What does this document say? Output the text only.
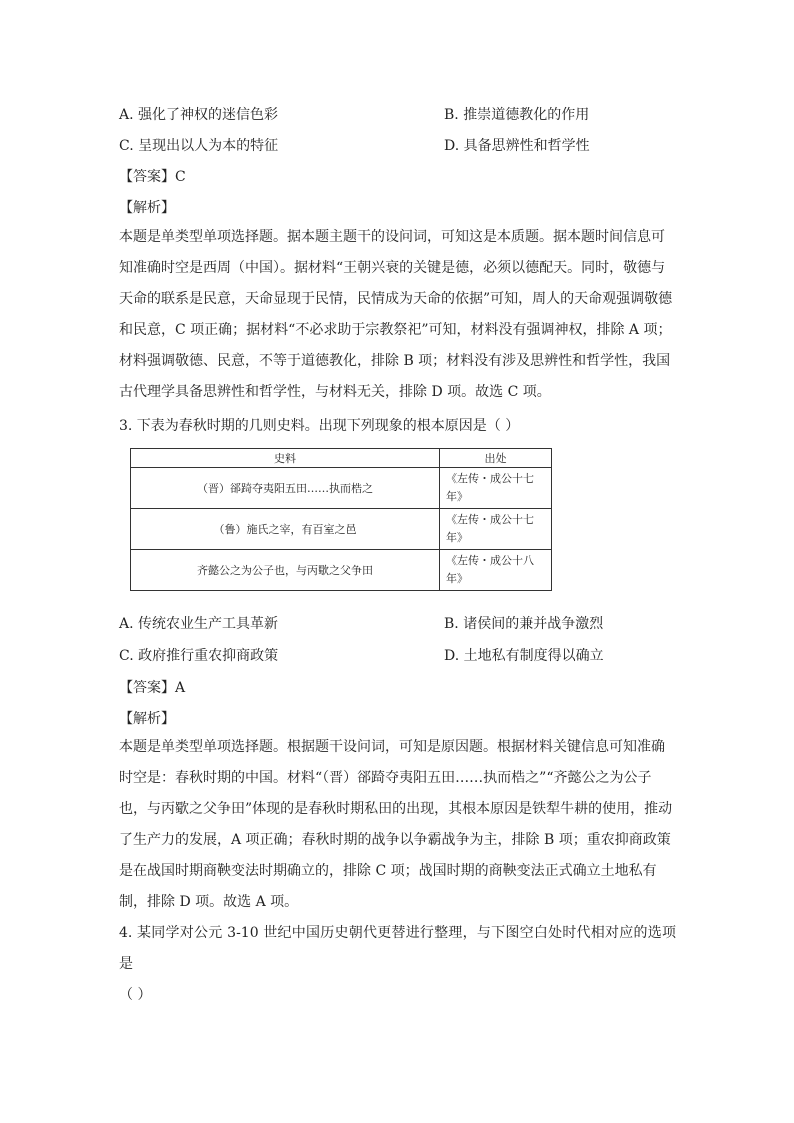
A. 强化了神权的迷信色彩	B. 推崇道德教化的作用
C. 呈现出以人为本的特征	D. 具备思辨性和哲学性
【答案】C
【解析】

本题是单类型单项选择题。据本题主题干的设问词，可知这是本质题。据本题时间信息可

知准确时空是西周（中国）。据材料“王朝兴衰的关键是德，必须以德配天。同时，敬德与

天命的联系是民意，天命显现于民情，民情成为天命的依据”可知，周人的天命观强调敬德

和民意，C 项正确；据材料“不必求助于宗教祭祀”可知，材料没有强调神权，排除 A 项；

材料强调敬德、民意，不等于道德教化，排除 B 项；材料没有涉及思辨性和哲学性，我国

古代理学具备思辨性和哲学性，与材料无关，排除 D 项。故选 C 项。

3. 下表为春秋时期的几则史料。出现下列现象的根本原因是（ ）
史料	出处
（晋）郤踦夺夷阳五田……执而梏之	《左传・成公十七年》
（鲁）施氏之宰，有百室之邑	《左传・成公十七年》
齐懿公之为公子也，与丙歜之父争田	《左传・成公十八年》
A. 传统农业生产工具革新	B. 诸侯间的兼并战争激烈
C. 政府推行重农抑商政策	D. 土地私有制度得以确立
【答案】A
【解析】

本题是单类型单项选择题。根据题干设问词，可知是原因题。根据材料关键信息可知准确

时空是：春秋时期的中国。材料“（晋）郤踦夺夷阳五田……执而梏之”“齐懿公之为公子

也，与丙歜之父争田”体现的是春秋时期私田的出现，其根本原因是铁犁牛耕的使用，推动

了生产力的发展，A 项正确；春秋时期的战争以争霸战争为主，排除 B 项；重农抑商政策

是在战国时期商鞅变法时期确立的，排除 C 项；战国时期的商鞅变法正式确立土地私有

制，排除 D 项。故选 A 项。

4. 某同学对公元 3-10 世纪中国历史朝代更替进行整理，与下图空白处时代相对应的选项是

（ ）
